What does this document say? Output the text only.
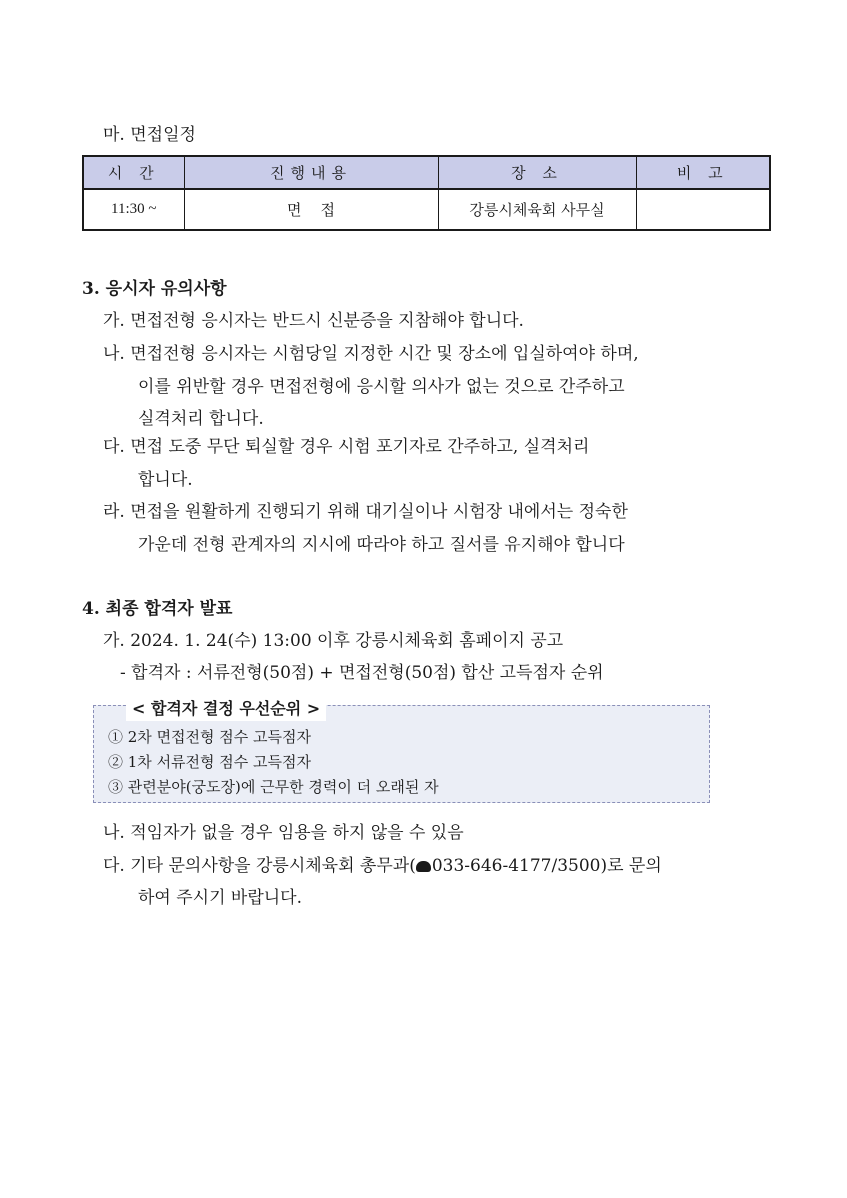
마. 면접일정
시 간	진행내용	장 소	비 고
11:30 ~	면    접	강릉시체육회 사무실	
3. 응시자 유의사항
가. 면접전형 응시자는 반드시 신분증을 지참해야 합니다.
나. 면접전형 응시자는 시험당일 지정한 시간 및 장소에 입실하여야 하며,
이를 위반할 경우 면접전형에 응시할 의사가 없는 것으로 간주하고
실격처리 합니다.
다. 면접 도중 무단 퇴실할 경우 시험 포기자로 간주하고, 실격처리
합니다.
라. 면접을 원활하게 진행되기 위해 대기실이나 시험장 내에서는 정숙한
가운데 전형 관계자의 지시에 따라야 하고 질서를 유지해야 합니다
4. 최종 합격자 발표
가. 2024. 1. 24(수) 13:00 이후 강릉시체육회 홈페이지 공고
- 합격자 : 서류전형(50점) + 면접전형(50점) 합산 고득점자 순위
< 합격자 결정 우선순위 >
① 2차 면접전형 점수 고득점자
② 1차 서류전형 점수 고득점자
③ 관련분야(궁도장)에 근무한 경력이 더 오래된 자
나. 적임자가 없을 경우 임용을 하지 않을 수 있음
다. 기타 문의사항을 강릉시체육회 총무과( 033-646-4177/3500)로 문의
하여 주시기 바랍니다.
